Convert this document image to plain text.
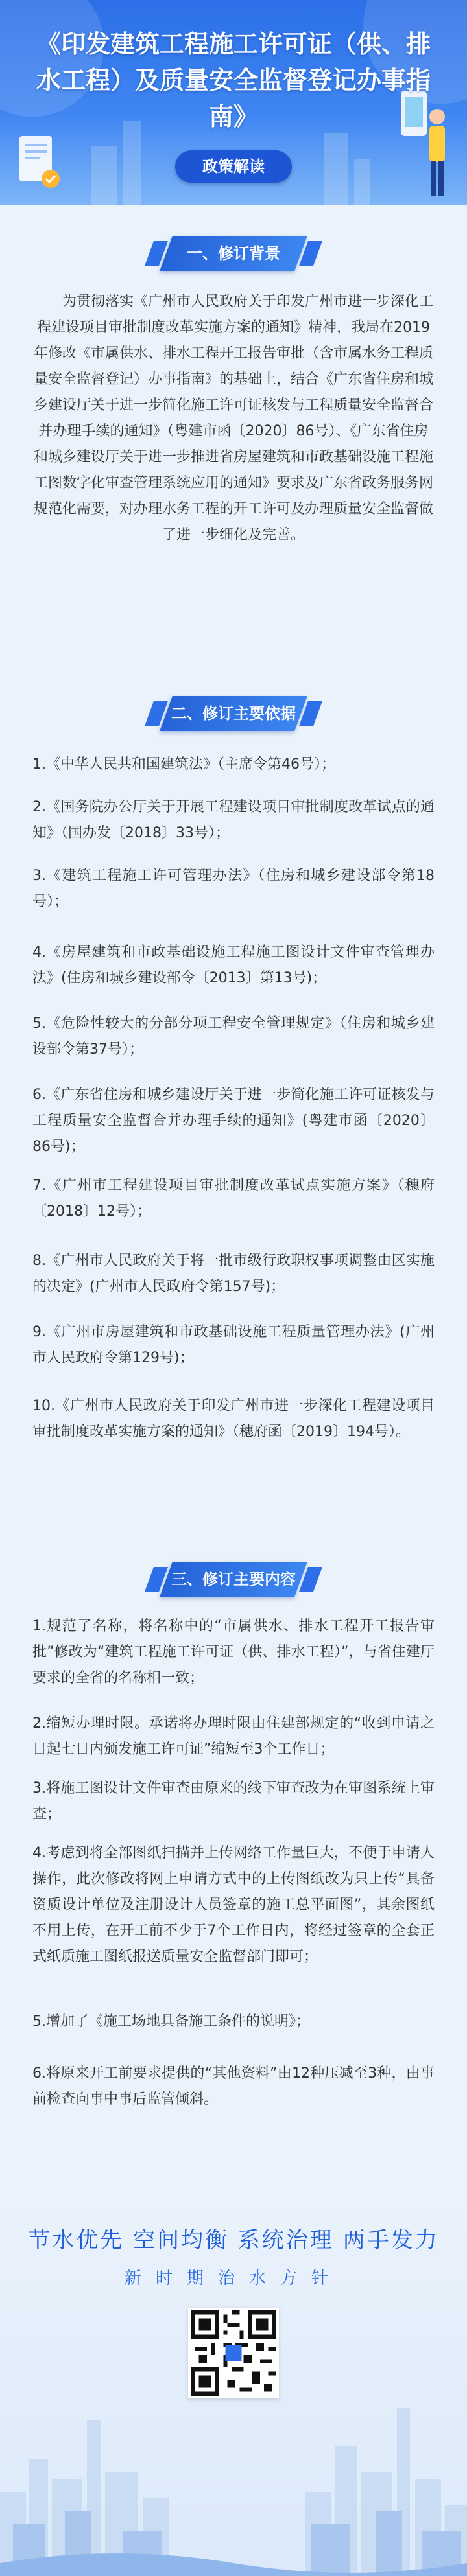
《印发建筑工程施工许可证（供、排水工程）及质量安全监督登记办事指南》
政策解读
一、修订背景
为贯彻落实《广州市人民政府关于印发广州市进一步深化工程建设项目审批制度改革实施方案的通知》精神，我局在2019年修改《市属供水、排水工程开工报告审批（含市属水务工程质量安全监督登记）办事指南》的基础上，结合《广东省住房和城乡建设厅关于进一步简化施工许可证核发与工程质量安全监督合并办理手续的通知》（粤建市函〔2020〕86号）、《广东省住房和城乡建设厅关于进一步推进省房屋建筑和市政基础设施工程施工图数字化审查管理系统应用的通知》要求及广东省政务服务网规范化需要，对办理水务工程的开工许可及办理质量安全监督做了进一步细化及完善。
二、修订主要依据
1.《中华人民共和国建筑法》（主席令第46号）；
2.《国务院办公厅关于开展工程建设项目审批制度改革试点的通知》（国办发〔2018〕33号）；
3.《建筑工程施工许可管理办法》（住房和城乡建设部令第18号）；
4.《房屋建筑和市政基础设施工程施工图设计文件审查管理办法》(住房和城乡建设部令〔2013〕第13号)；
5.《危险性较大的分部分项工程安全管理规定》（住房和城乡建设部令第37号）；
6.《广东省住房和城乡建设厅关于进一步简化施工许可证核发与工程质量安全监督合并办理手续的通知》(粤建市函〔2020〕86号)；
7.《广州市工程建设项目审批制度改革试点实施方案》（穗府〔2018〕12号）；
8.《广州市人民政府关于将一批市级行政职权事项调整由区实施的决定》(广州市人民政府令第157号)；
9.《广州市房屋建筑和市政基础设施工程质量管理办法》(广州市人民政府令第129号)；
10.《广州市人民政府关于印发广州市进一步深化工程建设项目审批制度改革实施方案的通知》（穗府函〔2019〕194号）。
三、修订主要内容
1.规范了名称，将名称中的“市属供水、排水工程开工报告审批”修改为“建筑工程施工许可证（供、排水工程）”，与省住建厅要求的全省的名称相一致；
2.缩短办理时限。承诺将办理时限由住建部规定的“收到申请之日起七日内颁发施工许可证”缩短至3个工作日；
3.将施工图设计文件审查由原来的线下审查改为在审图系统上审查；
4.考虑到将全部图纸扫描并上传网络工作量巨大，不便于申请人操作，此次修改将网上申请方式中的上传图纸改为只上传“具备资质设计单位及注册设计人员签章的施工总平面图”，其余图纸不用上传，在开工前不少于7个工作日内，将经过签章的全套正式纸质施工图纸报送质量安全监督部门即可；
5.增加了《施工场地具备施工条件的说明》；
6.将原来开工前要求提供的“其他资料”由12种压减至3种，由事前检查向事中事后监管倾斜。
节水优先 空间均衡 系统治理 两手发力
新时期治水方针
